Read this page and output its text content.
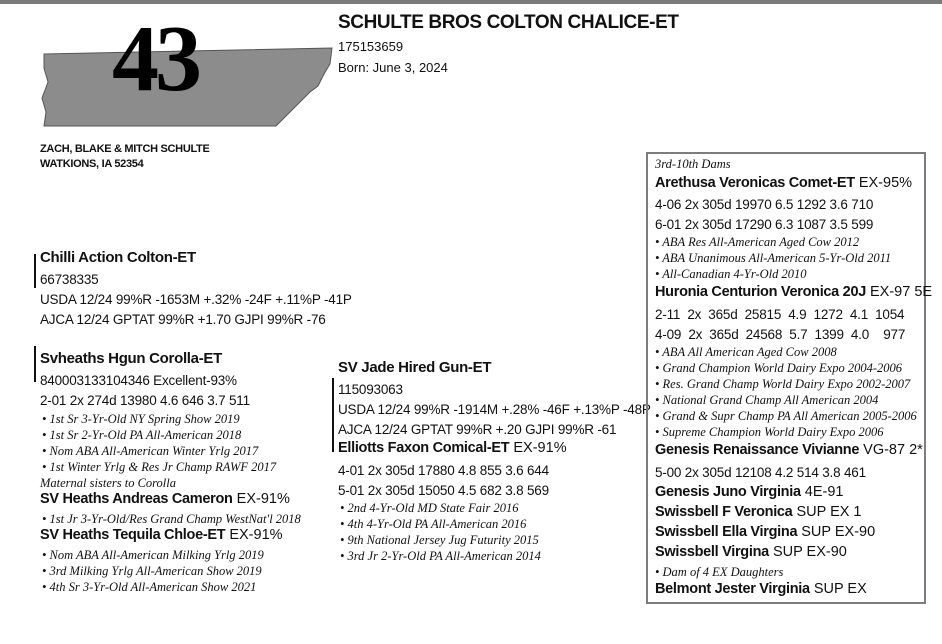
43	SCHULTE BROS COLTON CHALICE-ET
175153659
Born: June 3, 2024
ZACH, BLAKE & MITCH SCHULTE
WATKIONS, IA 52354
Chilli Action Colton-ET
66738335
USDA 12/24 99%R -1653M +.32% -24F +.11%P -41P
AJCA 12/24 GPTAT 99%R +1.70 GJPI 99%R -76
Svheaths Hgun Corolla-ET
840003133104346 Excellent-93%
2-01 2x 274d 13980 4.6 646 3.7 511
• 1st Sr 3-Yr-Old NY Spring Show 2019
• 1st Sr 2-Yr-Old PA All-American 2018
• Nom ABA All-American Winter Yrlg 2017
• 1st Winter Yrlg & Res Jr Champ RAWF 2017
Maternal sisters to Corolla
SV Heaths Andreas Cameron EX-91%
• 1st Jr 3-Yr-Old/Res Grand Champ WestNat'l 2018
SV Heaths Tequila Chloe-ET EX-91%
• Nom ABA All-American Milking Yrlg 2019
• 3rd Milking Yrlg All-American Show 2019
• 4th Sr 3-Yr-Old All-American Show 2021
SV Jade Hired Gun-ET
115093063
USDA 12/24 99%R -1914M +.28% -46F +.13%P -48P
AJCA 12/24 GPTAT 99%R +.20 GJPI 99%R -61
Elliotts Faxon Comical-ET EX-91%
4-01 2x 305d 17880 4.8 855 3.6 644
5-01 2x 305d 15050 4.5 682 3.8 569
• 2nd 4-Yr-Old MD State Fair 2016
• 4th 4-Yr-Old PA All-American 2016
• 9th National Jersey Jug Futurity 2015
• 3rd Jr 2-Yr-Old PA All-American 2014
3rd-10th Dams
Arethusa Veronicas Comet-ET EX-95%
4-06 2x 305d 19970 6.5 1292 3.6 710
6-01 2x 305d 17290 6.3 1087 3.5 599
• ABA Res All-American Aged Cow 2012
• ABA Unanimous All-American 5-Yr-Old 2011
• All-Canadian 4-Yr-Old 2010
Huronia Centurion Veronica 20J EX-97 5E
2-11  2x  365d  25815  4.9  1272  4.1  1054
4-09  2x  365d  24568  5.7  1399  4.0    977
• ABA All American Aged Cow 2008
• Grand Champion World Dairy Expo 2004-2006
• Res. Grand Champ World Dairy Expo 2002-2007
• National Grand Champ All American 2004
• Grand & Supr Champ PA All American 2005-2006
• Supreme Champion World Dairy Expo 2006
Genesis Renaissance Vivianne VG-87 2*
5-00 2x 305d 12108 4.2 514 3.8 461
Genesis Juno Virginia 4E-91
Swissbell F Veronica SUP EX 1
Swissbell Ella Virgina SUP EX-90
Swissbell Virgina SUP EX-90
• Dam of 4 EX Daughters
Belmont Jester Virginia SUP EX
